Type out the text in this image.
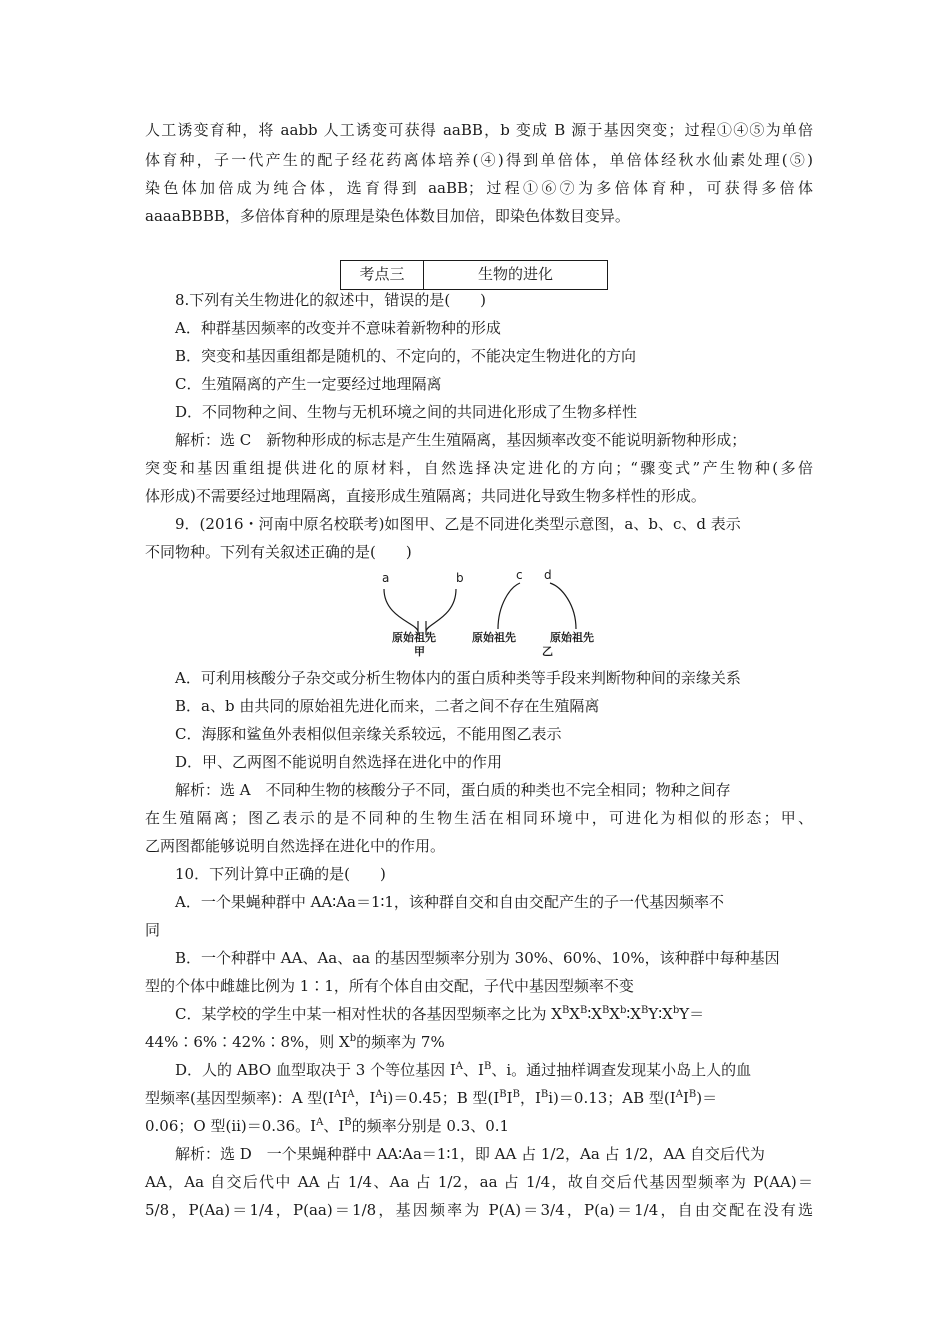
人工诱变育种，将 aabb 人工诱变可获得 aaBB，b 变成 B 源于基因突变；过程①④⑤为单倍
体育种，子一代产生的配子经花药离体培养(④)得到单倍体，单倍体经秋水仙素处理(⑤)
染色体加倍成为纯合体，选育得到 aaBB；过程①⑥⑦为多倍体育种，可获得多倍体
aaaaBBBB，多倍体育种的原理是染色体数目加倍，即染色体数目变异。
考点三	生物的进化
8.下列有关生物进化的叙述中，错误的是(　　)
A．种群基因频率的改变并不意味着新物种的形成
B．突变和基因重组都是随机的、不定向的，不能决定生物进化的方向
C．生殖隔离的产生一定要经过地理隔离
D．不同物种之间、生物与无机环境之间的共同进化形成了生物多样性
解析：选 C　新物种形成的标志是产生生殖隔离，基因频率改变不能说明新物种形成；
突变和基因重组提供进化的原材料，自然选择决定进化的方向；“骤变式”产生物种(多倍
体形成)不需要经过地理隔离，直接形成生殖隔离；共同进化导致生物多样性的形成。
9．(2016・河南中原名校联考)如图甲、乙是不同进化类型示意图，a、b、c、d 表示
不同物种。下列有关叙述正确的是(　　)
a	b	c d
原始祖先	原始祖先	原始祖先
甲	乙
A．可利用核酸分子杂交或分析生物体内的蛋白质种类等手段来判断物种间的亲缘关系
B．a、b 由共同的原始祖先进化而来，二者之间不存在生殖隔离
C．海豚和鲨鱼外表相似但亲缘关系较远，不能用图乙表示
D．甲、乙两图不能说明自然选择在进化中的作用
解析：选 A　不同种生物的核酸分子不同，蛋白质的种类也不完全相同；物种之间存
在生殖隔离；图乙表示的是不同种的生物生活在相同环境中，可进化为相似的形态；甲、
乙两图都能够说明自然选择在进化中的作用。
10．下列计算中正确的是(　　)
A．一个果蝇种群中 AA∶Aa＝1∶1，该种群自交和自由交配产生的子一代基因频率不
同
B．一个种群中 AA、Aa、aa 的基因型频率分别为 30%、60%、10%，该种群中每种基因
型的个体中雌雄比例为 1∶1，所有个体自由交配，子代中基因型频率不变
C．某学校的学生中某一相对性状的各基因型频率之比为 $X^BX^B∶X^BX^b∶X^BY∶X^bY=$
44%∶6%∶42%∶8%，则 $X^b$的频率为 7%
D．人的 ABO 血型取决于 3 个等位基因 $I^A$、$I^B$、i。通过抽样调查发现某小岛上人的血
型频率(基因型频率)：A 型($I^AI^A$，$I^Ai)=0.45$；B 型($I^BI^B$，$I^Bi)=0.13$；AB 型$(I^AI^B)=$
0.06；O 型(ii)＝0.36。$I^A$、$I^B$的频率分别是 0.3、0.1
解析：选 D　一个果蝇种群中 AA∶Aa＝1∶1，即 AA 占 1/2，Aa 占 1/2，AA 自交后代为
AA，Aa 自交后代中 AA 占 1/4、Aa 占 1/2，aa 占 1/4，故自交后代基因型频率为 P(AA)＝
5/8，P(Aa)＝1/4，P(aa)＝1/8，基因频率为 P(A)＝3/4，P(a)＝1/4，自由交配在没有选
